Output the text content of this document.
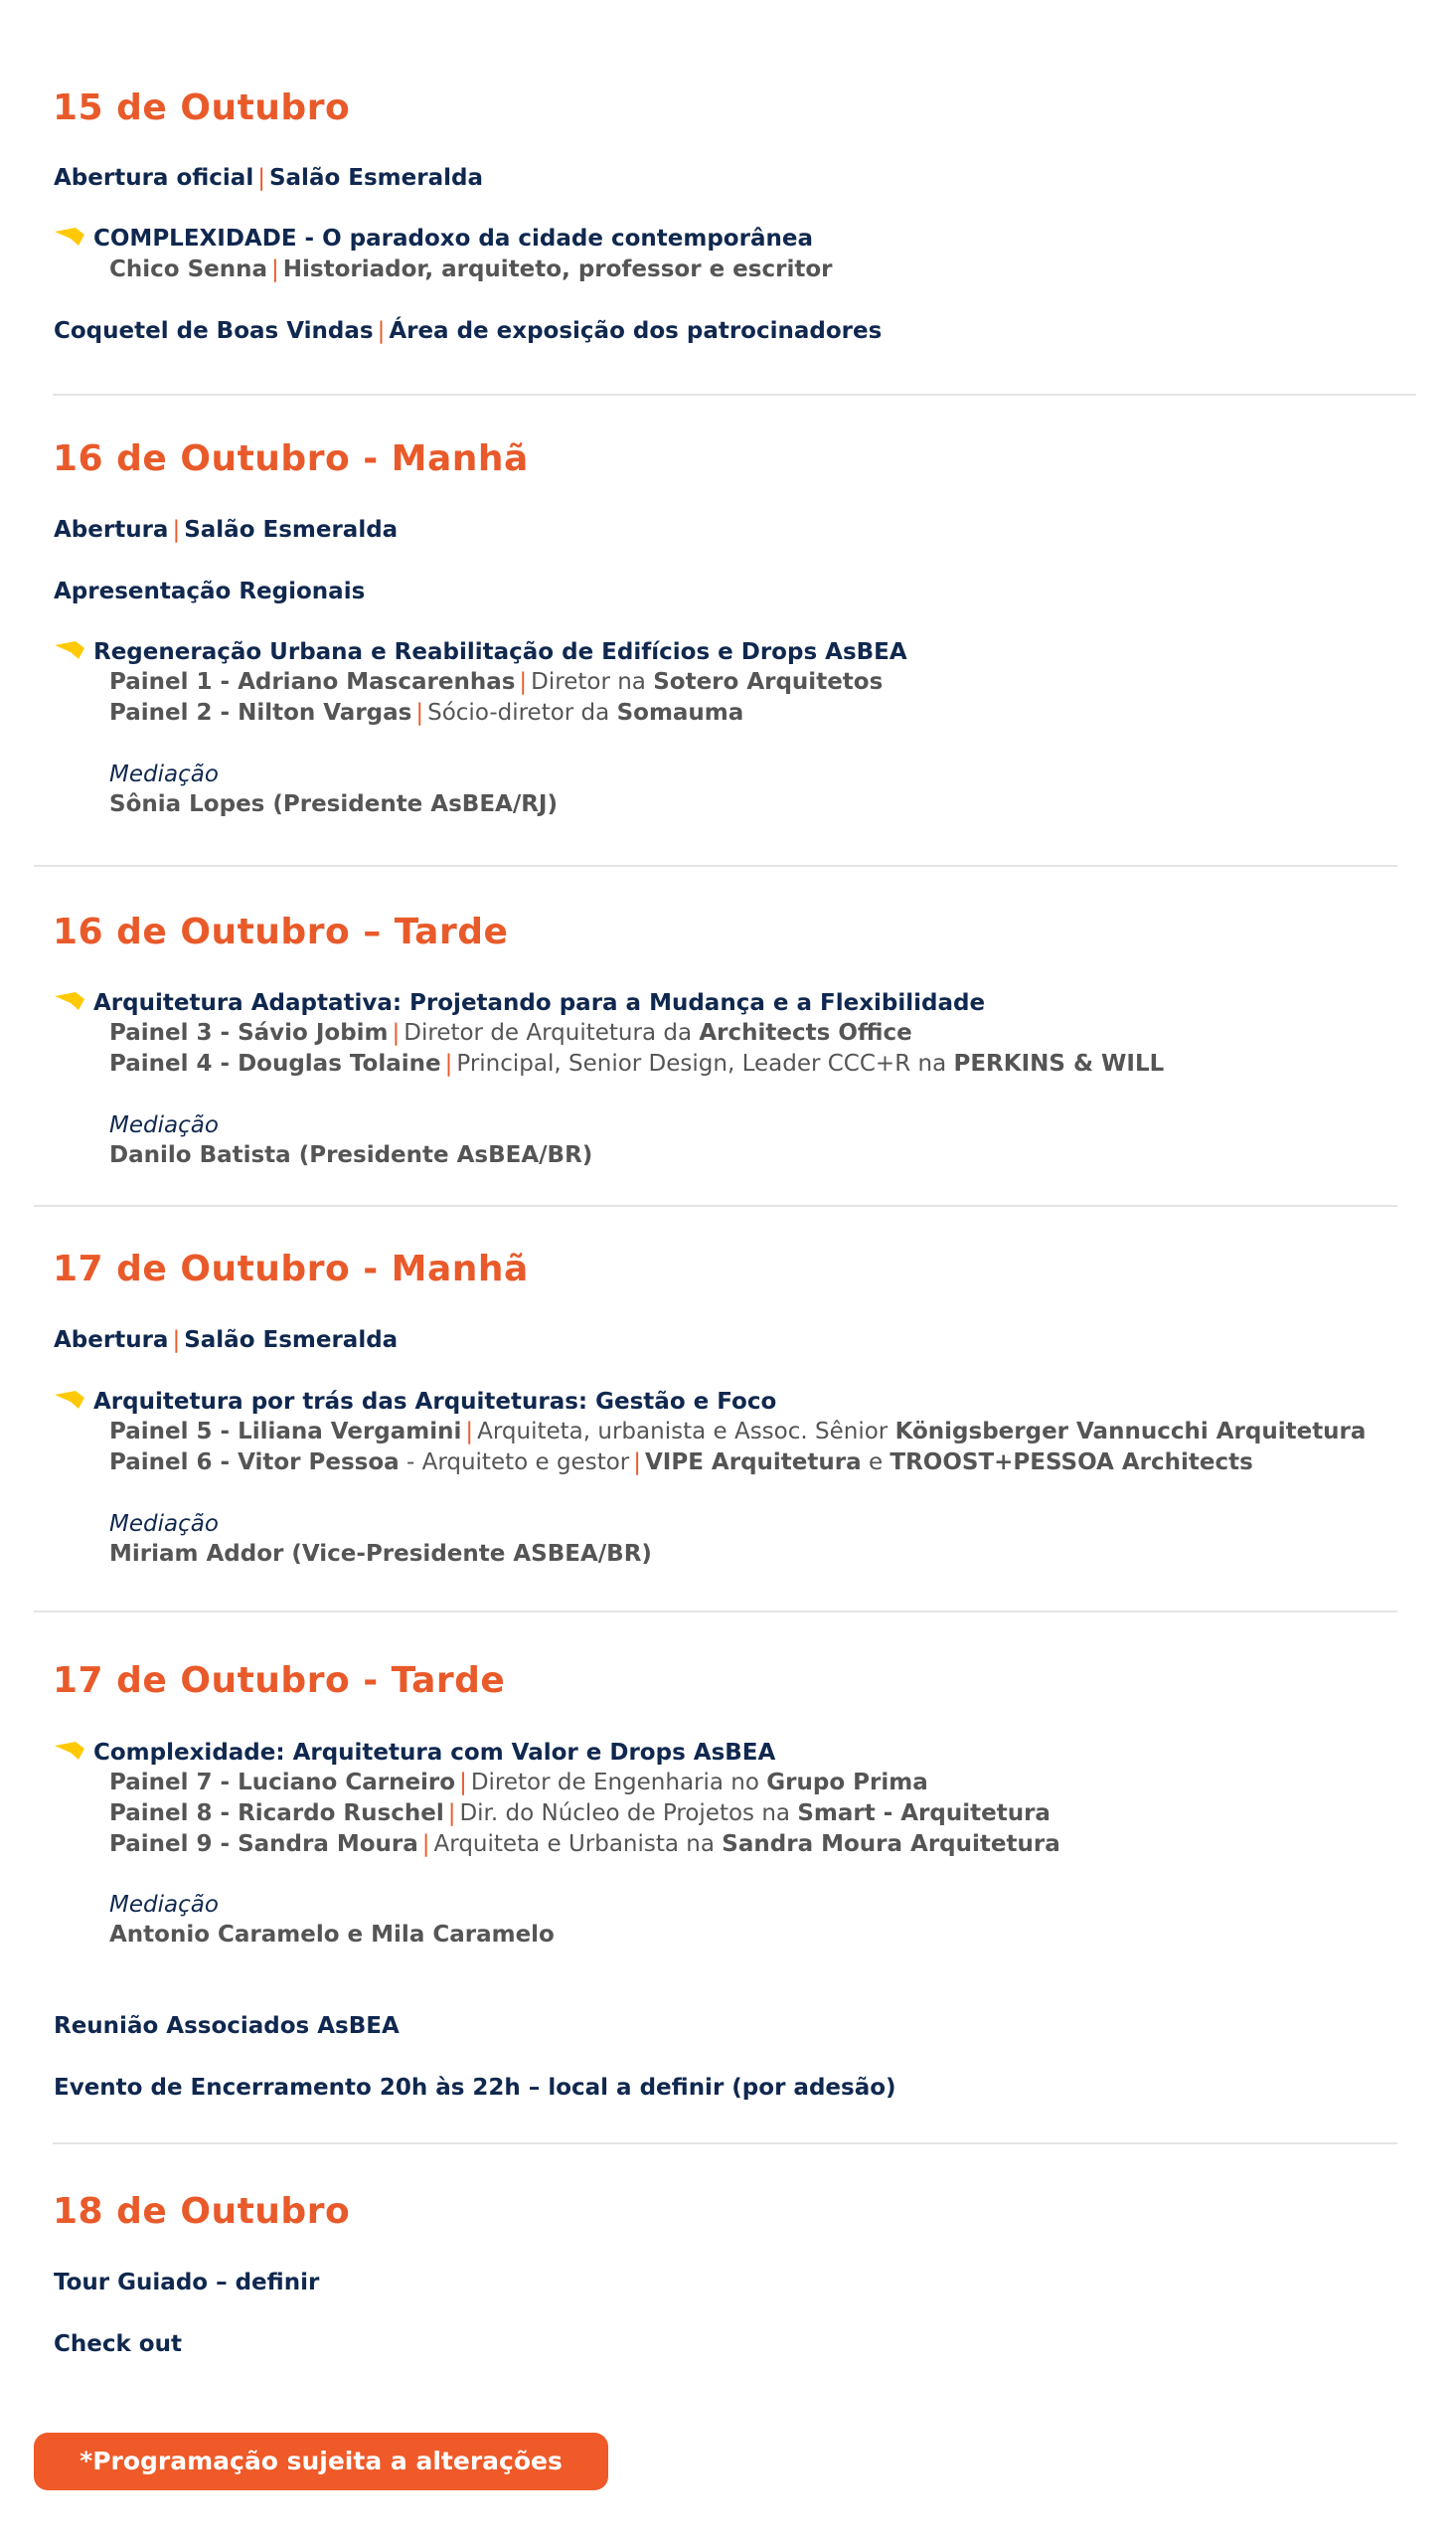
15 de Outubro
Abertura oficial | Salão Esmeralda
COMPLEXIDADE - O paradoxo da cidade contemporânea
Chico Senna | Historiador, arquiteto, professor e escritor
Coquetel de Boas Vindas | Área de exposição dos patrocinadores
16 de Outubro - Manhã
Abertura | Salão Esmeralda
Apresentação Regionais
Regeneração Urbana e Reabilitação de Edifícios e Drops AsBEA
Painel 1 - Adriano Mascarenhas | Diretor na Sotero Arquitetos
Painel 2 - Nilton Vargas | Sócio-diretor da Somauma
Mediação
Sônia Lopes (Presidente AsBEA/RJ)
16 de Outubro – Tarde
Arquitetura Adaptativa: Projetando para a Mudança e a Flexibilidade
Painel 3 - Sávio Jobim | Diretor de Arquitetura da Architects Office
Painel 4 - Douglas Tolaine | Principal, Senior Design, Leader CCC+R na PERKINS & WILL
Mediação
Danilo Batista (Presidente AsBEA/BR)
17 de Outubro - Manhã
Abertura | Salão Esmeralda
Arquitetura por trás das Arquiteturas: Gestão e Foco
Painel 5 - Liliana Vergamini | Arquiteta, urbanista e Assoc. Sênior Königsberger Vannucchi Arquitetura
Painel 6 - Vitor Pessoa - Arquiteto e gestor | VIPE Arquitetura e TROOST+PESSOA Architects
Mediação
Miriam Addor (Vice-Presidente ASBEA/BR)
17 de Outubro - Tarde
Complexidade: Arquitetura com Valor e Drops AsBEA
Painel 7 - Luciano Carneiro | Diretor de Engenharia no Grupo Prima
Painel 8 - Ricardo Ruschel | Dir. do Núcleo de Projetos na Smart - Arquitetura
Painel 9 - Sandra Moura | Arquiteta e Urbanista na Sandra Moura Arquitetura
Mediação
Antonio Caramelo e Mila Caramelo
Reunião Associados AsBEA
Evento de Encerramento 20h às 22h – local a definir (por adesão)
18 de Outubro
Tour Guiado – definir
Check out
*Programação sujeita a alterações
